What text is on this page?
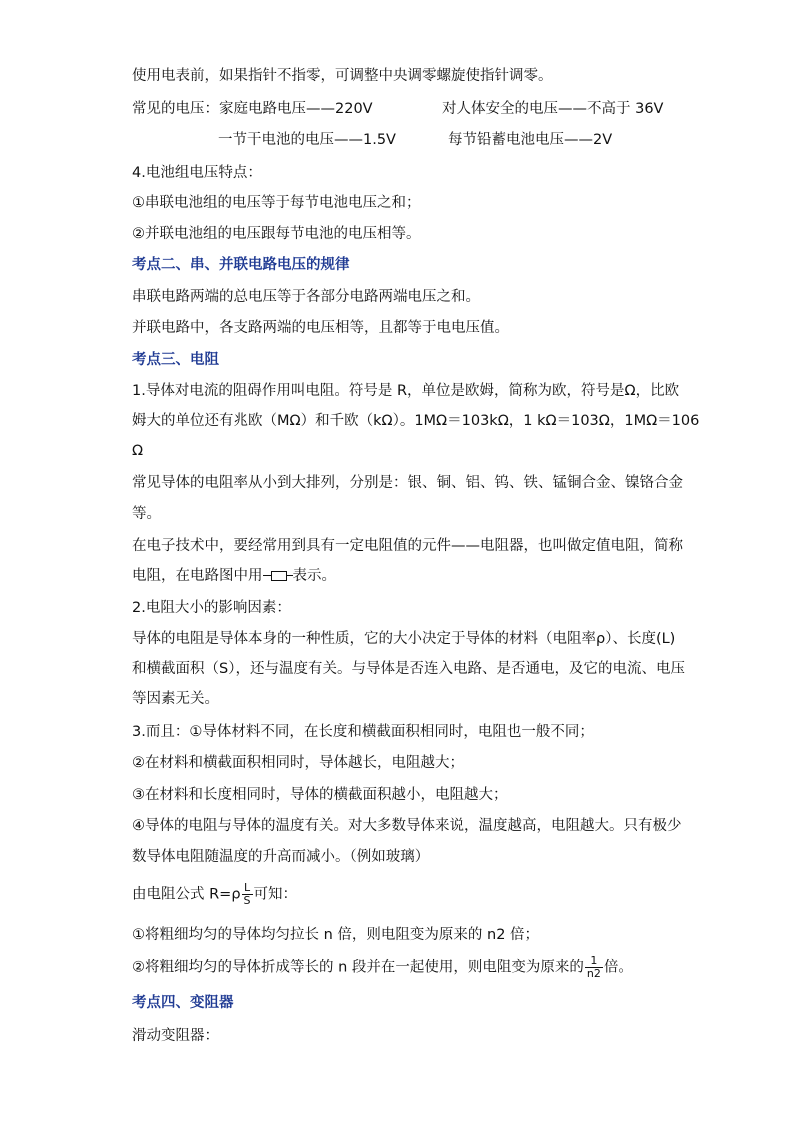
使用电表前，如果指针不指零，可调整中央调零螺旋使指针调零。
常见的电压：家庭电路电压——220V	对人体安全的电压——不高于 36V
一节干电池的电压——1.5V	每节铅蓄电池电压——2V
4.电池组电压特点：
①串联电池组的电压等于每节电池电压之和；
②并联电池组的电压跟每节电池的电压相等。
考点二、串、并联电路电压的规律
串联电路两端的总电压等于各部分电路两端电压之和。
并联电路中，各支路两端的电压相等，且都等于电电压值。
考点三、电阻
1.导体对电流的阻碍作用叫电阻。符号是 R，单位是欧姆，简称为欧，符号是Ω，比欧
姆大的单位还有兆欧（MΩ）和千欧（kΩ）。1MΩ＝103kΩ，1 kΩ＝103Ω，1MΩ＝106
Ω
常见导体的电阻率从小到大排列，分别是：银、铜、铝、钨、铁、锰铜合金、镍铬合金
等。
在电子技术中，要经常用到具有一定电阻值的元件——电阻器，也叫做定值电阻，简称
电阻，在电路图中用 表示。
2.电阻大小的影响因素：
导体的电阻是导体本身的一种性质，它的大小决定于导体的材料（电阻率ρ）、长度(L)
和横截面积（S），还与温度有关。与导体是否连入电路、是否通电，及它的电流、电压
等因素无关。
3.而且：①导体材料不同，在长度和横截面积相同时，电阻也一般不同；
②在材料和横截面积相同时，导体越长，电阻越大；
③在材料和长度相同时，导体的横截面积越小，电阻越大；
④导体的电阻与导体的温度有关。对大多数导体来说，温度越高，电阻越大。只有极少
数导体电阻随温度的升高而减小。（例如玻璃）
由电阻公式 $R=\rho \frac{L}{S}$ 可知：
①将粗细均匀的导体均匀拉长 n 倍，则电阻变为原来的 n2 倍；
②将粗细均匀的导体折成等长的 n 段并在一起使用，则电阻变为原来的 $\frac{1}{n2}$ 倍。
考点四、变阻器
滑动变阻器：
